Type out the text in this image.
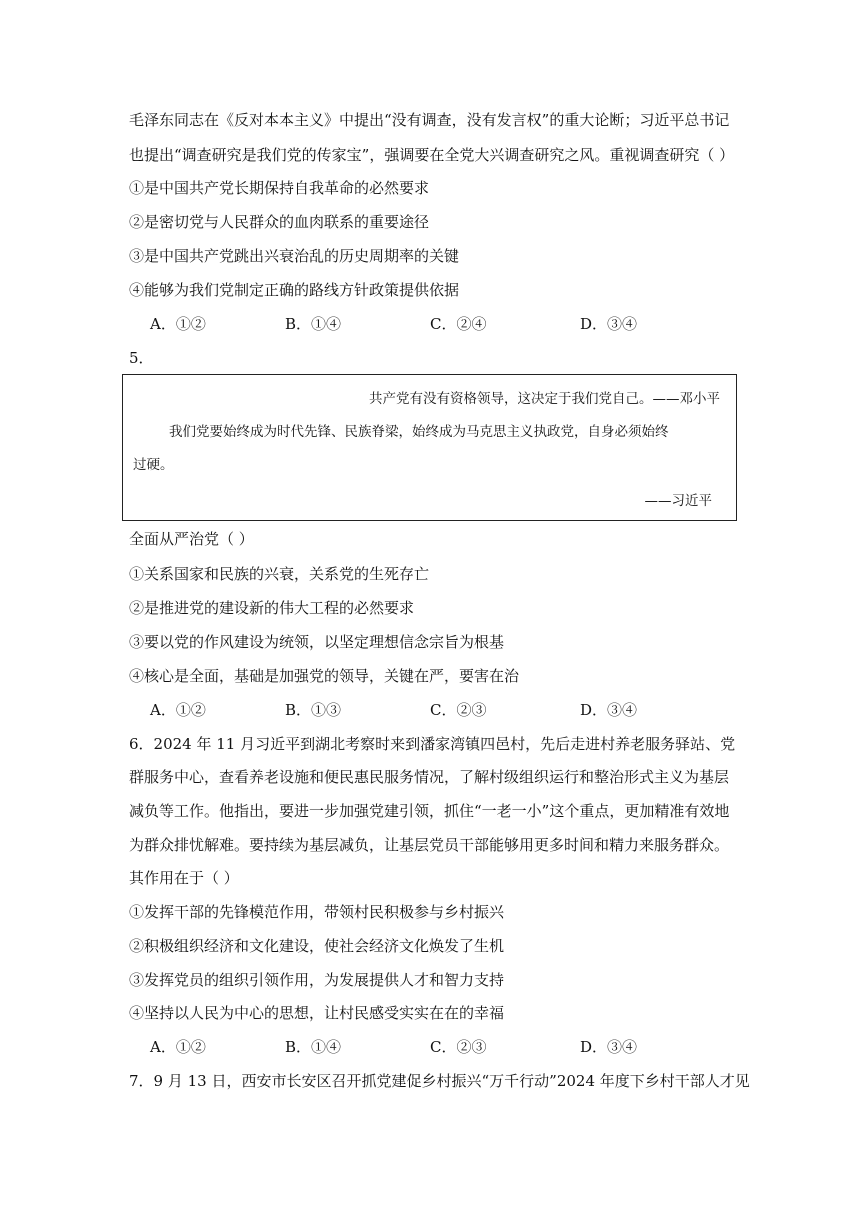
毛泽东同志在《反对本本主义》中提出“没有调查，没有发言权”的重大论断；习近平总书记
也提出“调查研究是我们党的传家宝”，强调要在全党大兴调查研究之风。重视调查研究（ ）
①是中国共产党长期保持自我革命的必然要求
②是密切党与人民群众的血肉联系的重要途径
③是中国共产党跳出兴衰治乱的历史周期率的关键
④能够为我们党制定正确的路线方针政策提供依据
A．①②	B．①④	C．②④	D．③④
5．
共产党有没有资格领导，这决定于我们党自己。——邓小平
我们党要始终成为时代先锋、民族脊梁，始终成为马克思主义执政党，自身必须始终
过硬。
——习近平
全面从严治党（ ）
①关系国家和民族的兴衰，关系党的生死存亡
②是推进党的建设新的伟大工程的必然要求
③要以党的作风建设为统领，以坚定理想信念宗旨为根基
④核心是全面，基础是加强党的领导，关键在严，要害在治
A．①②	B．①③	C．②③	D．③④
6．2024 年 11 月习近平到湖北考察时来到潘家湾镇四邑村，先后走进村养老服务驿站、党
群服务中心，查看养老设施和便民惠民服务情况，了解村级组织运行和整治形式主义为基层
减负等工作。他指出，要进一步加强党建引领，抓住“一老一小”这个重点，更加精准有效地
为群众排忧解难。要持续为基层减负，让基层党员干部能够用更多时间和精力来服务群众。
其作用在于（ ）
①发挥干部的先锋模范作用，带领村民积极参与乡村振兴
②积极组织经济和文化建设，使社会经济文化焕发了生机
③发挥党员的组织引领作用，为发展提供人才和智力支持
④坚持以人民为中心的思想，让村民感受实实在在的幸福
A．①②	B．①④	C．②③	D．③④
7．9 月 13 日，西安市长安区召开抓党建促乡村振兴“万千行动”2024 年度下乡村干部人才见
